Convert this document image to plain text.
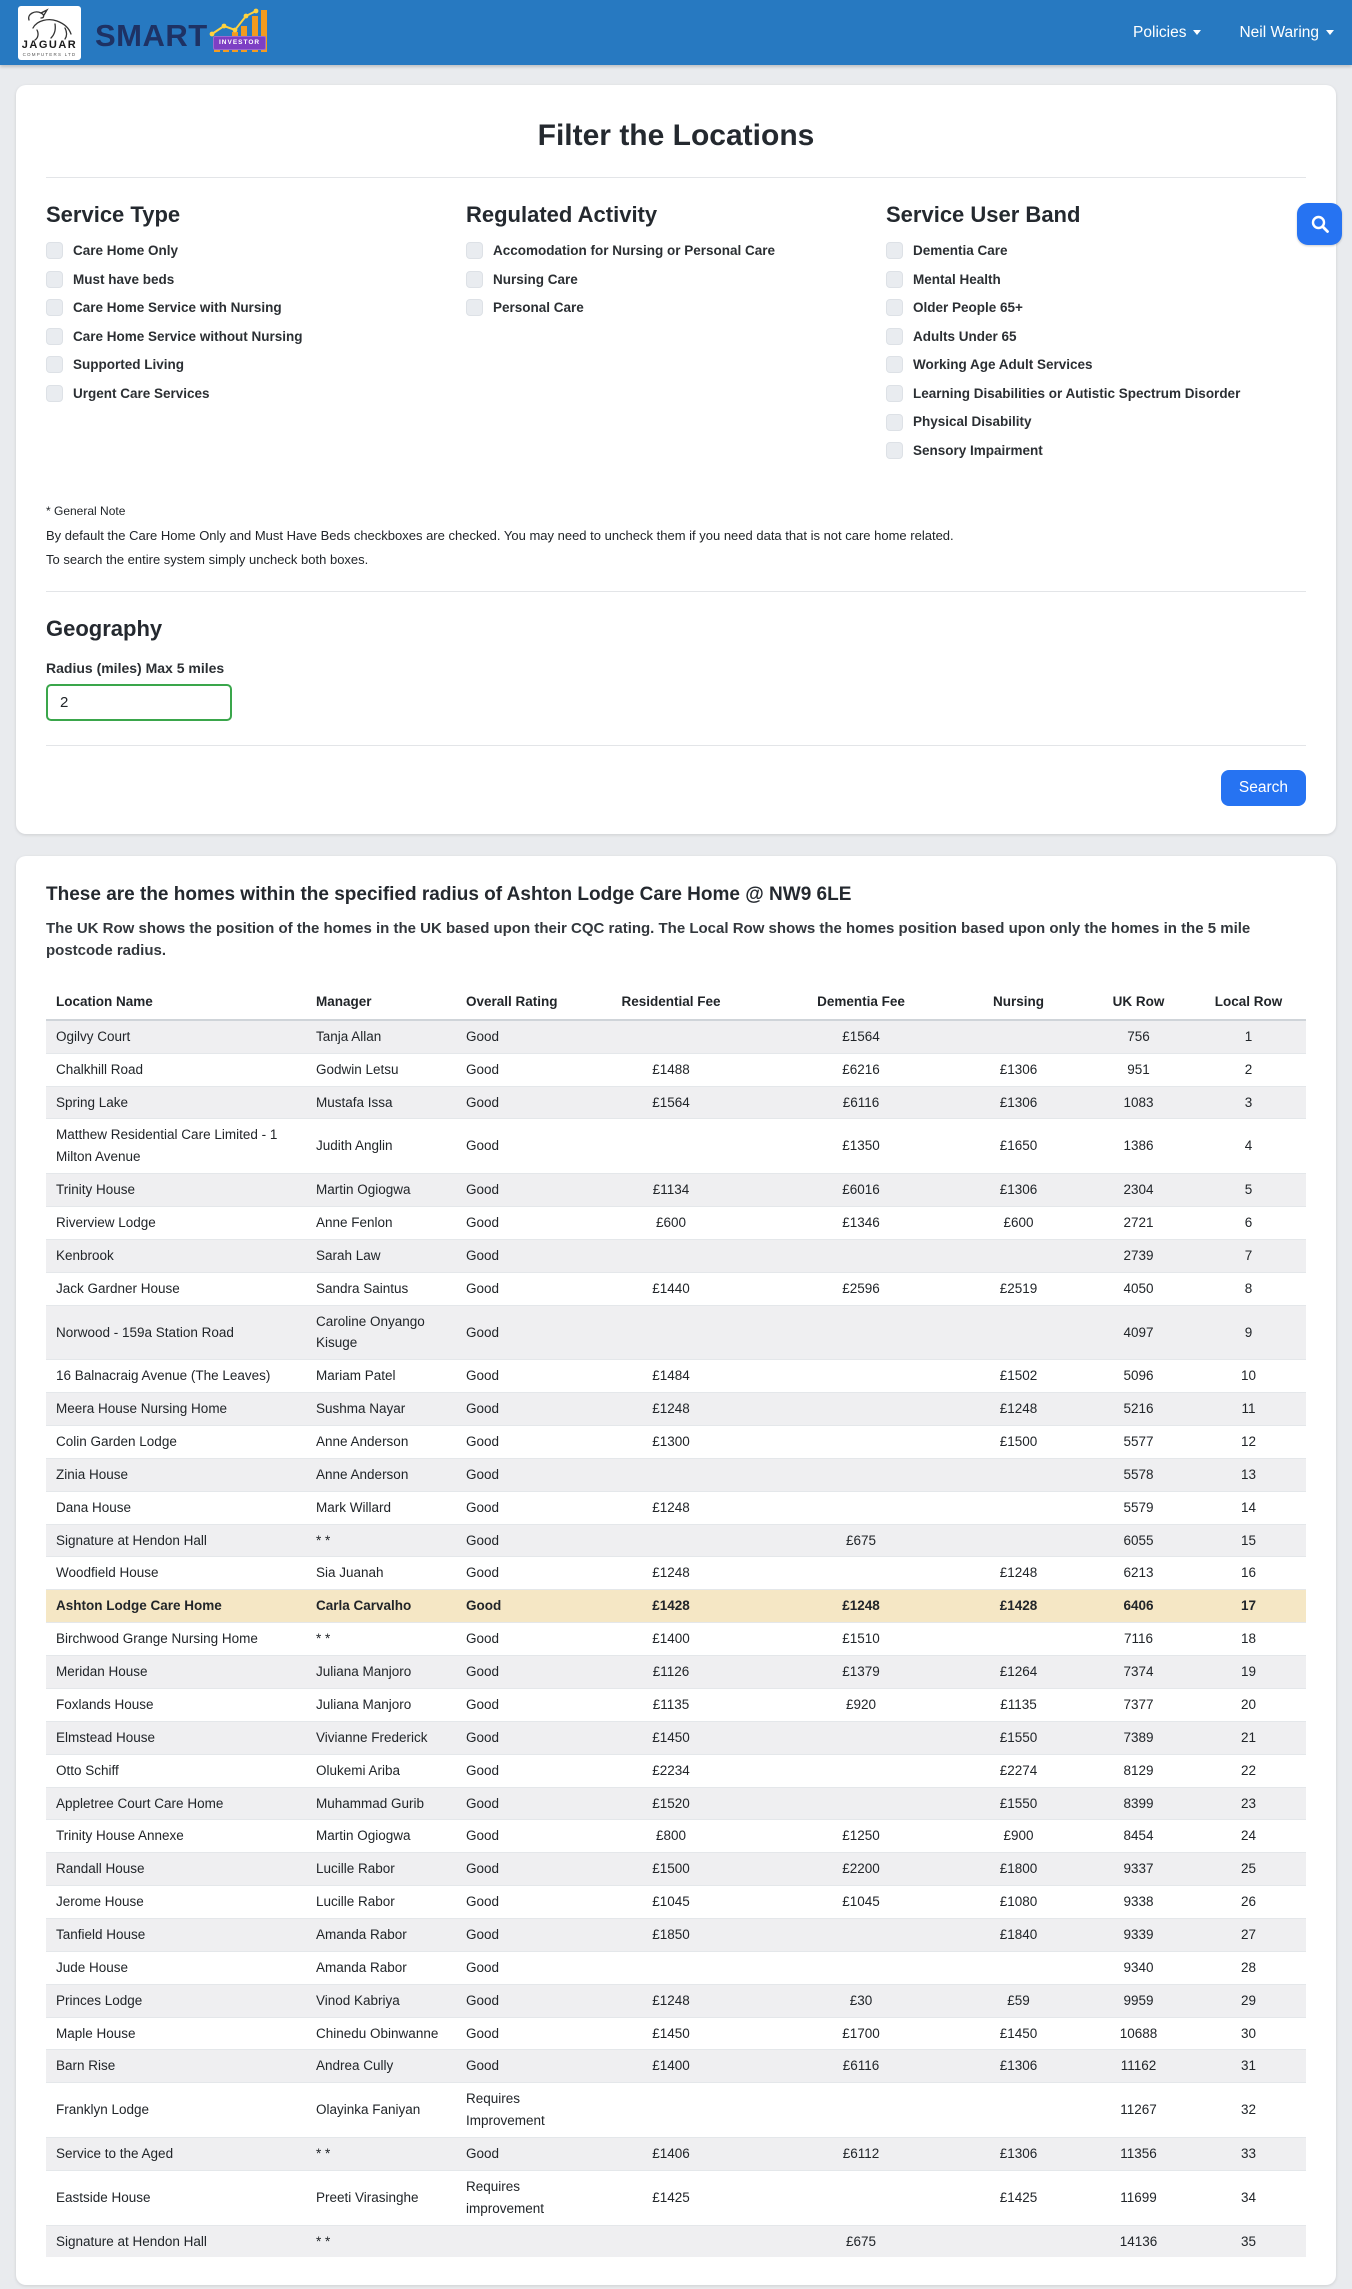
JAGUAR
COMPUTERS LTD
SMART	INVESTOR
Policies	Neil Waring
Filter the Locations
Service Type
Care Home Only
Must have beds
Care Home Service with Nursing
Care Home Service without Nursing
Supported Living
Urgent Care Services
Regulated Activity
Accomodation for Nursing or Personal Care
Nursing Care
Personal Care
Service User Band
Dementia Care
Mental Health
Older People 65+
Adults Under 65
Working Age Adult Services
Learning Disabilities or Autistic Spectrum Disorder
Physical Disability
Sensory Impairment
* General Note
By default the Care Home Only and Must Have Beds checkboxes are checked. You may need to uncheck them if you need data that is not care home related.
To search the entire system simply uncheck both boxes.
Geography
Radius (miles) Max 5 miles
2
Search
These are the homes within the specified radius of Ashton Lodge Care Home @ NW9 6LE

The UK Row shows the position of the homes in the UK based upon their CQC rating. The Local Row shows the homes position based upon only the homes in the 5 mile postcode radius.

Location Name	Manager	Overall Rating	Residential Fee	Dementia Fee	Nursing	UK Row	Local Row
Ogilvy Court	Tanja Allan	Good		£1564		756	1
Chalkhill Road	Godwin Letsu	Good	£1488	£6216	£1306	951	2
Spring Lake	Mustafa Issa	Good	£1564	£6116	£1306	1083	3
Matthew Residential Care Limited - 1 Milton Avenue	Judith Anglin	Good		£1350	£1650	1386	4
Trinity House	Martin Ogiogwa	Good	£1134	£6016	£1306	2304	5
Riverview Lodge	Anne Fenlon	Good	£600	£1346	£600	2721	6
Kenbrook	Sarah Law	Good				2739	7
Jack Gardner House	Sandra Saintus	Good	£1440	£2596	£2519	4050	8
Norwood - 159a Station Road	Caroline Onyango Kisuge	Good				4097	9
16 Balnacraig Avenue (The Leaves)	Mariam Patel	Good	£1484		£1502	5096	10
Meera House Nursing Home	Sushma Nayar	Good	£1248		£1248	5216	11
Colin Garden Lodge	Anne Anderson	Good	£1300		£1500	5577	12
Zinia House	Anne Anderson	Good				5578	13
Dana House	Mark Willard	Good	£1248			5579	14
Signature at Hendon Hall	* *	Good		£675		6055	15
Woodfield House	Sia Juanah	Good	£1248		£1248	6213	16
Ashton Lodge Care Home	Carla Carvalho	Good	£1428	£1248	£1428	6406	17
Birchwood Grange Nursing Home	* *	Good	£1400	£1510		7116	18
Meridan House	Juliana Manjoro	Good	£1126	£1379	£1264	7374	19
Foxlands House	Juliana Manjoro	Good	£1135	£920	£1135	7377	20
Elmstead House	Vivianne Frederick	Good	£1450		£1550	7389	21
Otto Schiff	Olukemi Ariba	Good	£2234		£2274	8129	22
Appletree Court Care Home	Muhammad Gurib	Good	£1520		£1550	8399	23
Trinity House Annexe	Martin Ogiogwa	Good	£800	£1250	£900	8454	24
Randall House	Lucille Rabor	Good	£1500	£2200	£1800	9337	25
Jerome House	Lucille Rabor	Good	£1045	£1045	£1080	9338	26
Tanfield House	Amanda Rabor	Good	£1850		£1840	9339	27
Jude House	Amanda Rabor	Good				9340	28
Princes Lodge	Vinod Kabriya	Good	£1248	£30	£59	9959	29
Maple House	Chinedu Obinwanne	Good	£1450	£1700	£1450	10688	30
Barn Rise	Andrea Cully	Good	£1400	£6116	£1306	11162	31
Franklyn Lodge	Olayinka Faniyan	Requires Improvement				11267	32
Service to the Aged	* *	Good	£1406	£6112	£1306	11356	33
Eastside House	Preeti Virasinghe	Requires improvement	£1425		£1425	11699	34
Signature at Hendon Hall	* *			£675		14136	35
